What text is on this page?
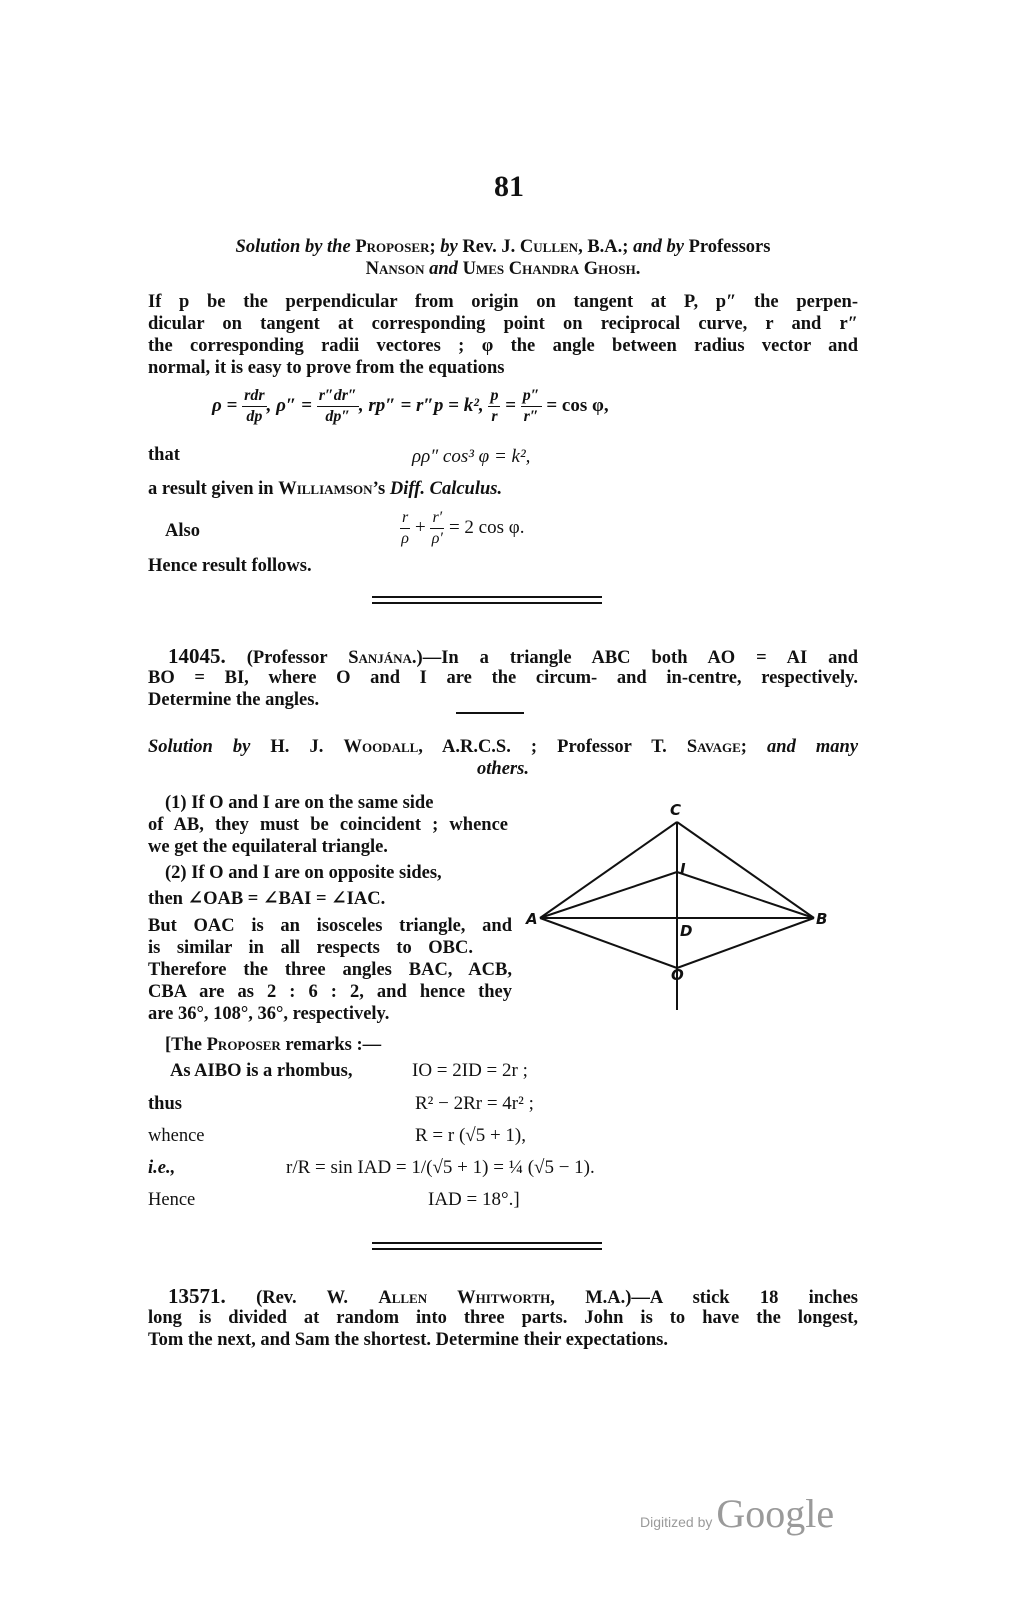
81
Solution by the Proposer; by Rev. J. Cullen, B.A.; and by Professors
Nanson and Umes Chandra Ghosh.
If p be the perpendicular from origin on tangent at P, p″ the perpen-
dicular on tangent at corresponding point on reciprocal curve, r and r″
the corresponding radii vectores ; φ the angle between radius vector and
normal, it is easy to prove from the equations
$\rho = \frac{\text{rdr}}{dp}$ , $\rho'' = \frac{r''dr''}{dp''}$ , rp″ = r″p = k², $\frac{p}{r} = \frac{p''}{r''} = \cos \varphi$,
that	ρρ″ cos³ φ = k²,
a result given in Williamson’s Diff. Calculus.
Also	$\frac{r}{\rho} + \frac{r'}{\rho'} = 2$ cos φ.
Hence result follows.
14045. (Professor Sanjána.)—In a triangle ABC both AO = AI and
BO = BI, where O and I are the circum- and in-centre, respectively.
Determine the angles.
Solution by H. J. Woodall, A.R.C.S. ; Professor T. Savage; and many
others.
(1) If O and I are on the same side
of AB, they must be coincident ; whence
we get the equilateral triangle.
(2) If O and I are on opposite sides,
then ∠OAB = ∠BAI = ∠IAC.
But OAC is an isosceles triangle, and
is similar in all respects to OBC.
Therefore the three angles BAC, ACB,
CBA are as 2 : 6 : 2, and hence they
are 36°, 108°, 36°, respectively.
C
I
A
D
B
O
[The Proposer remarks :—
As AIBO is a rhombus,	IO = 2ID = 2r ;
thus	R² − 2Rr = 4r² ;
whence	R = r (√5 + 1),
i.e.,	r/R = sin IAD = 1/(√5 + 1) = ¼ (√5 − 1).
Hence	IAD = 18°.]
13571. (Rev. W. Allen Whitworth, M.A.)—A stick 18 inches
long is divided at random into three parts. John is to have the longest,
Tom the next, and Sam the shortest. Determine their expectations.
Digitized by Google
